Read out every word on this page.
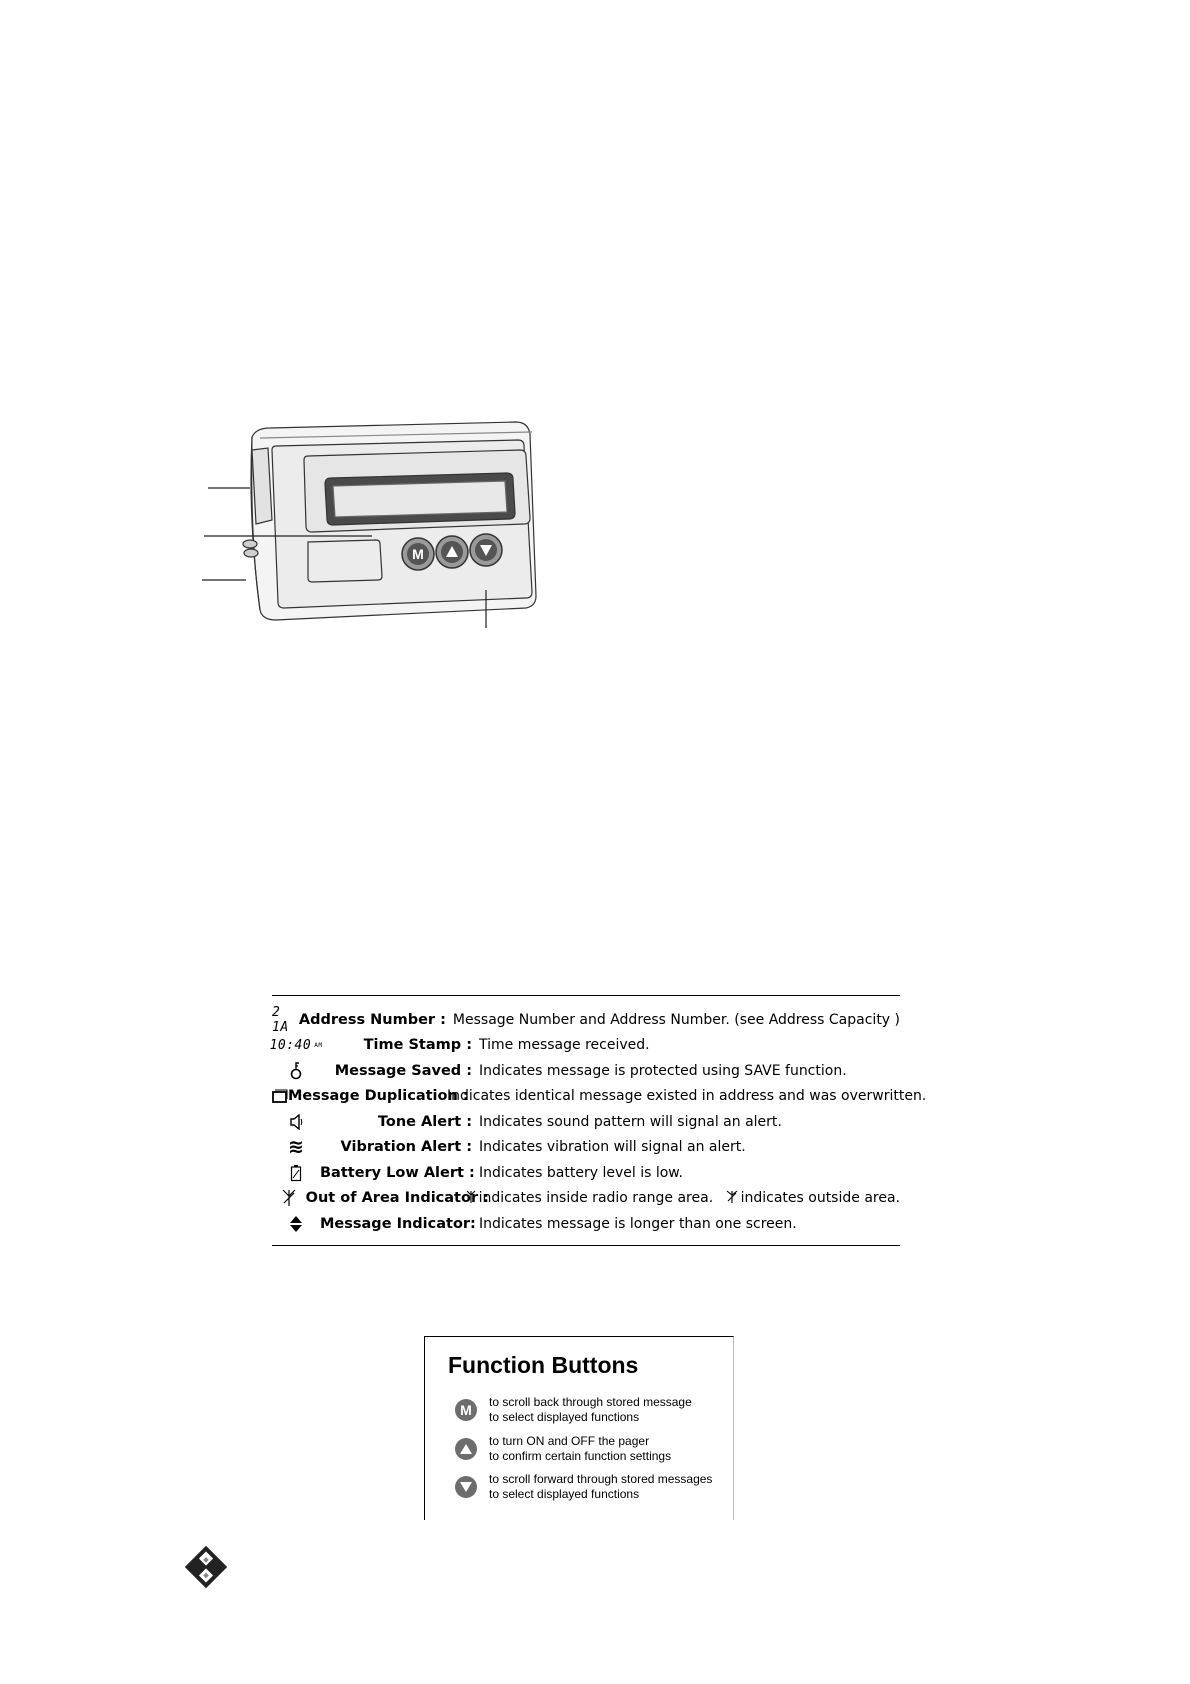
M
2 1A Address Number : Message Number and Address Number. (see Address Capacity )
10:40 AM	Time Stamp : Time message received.
Message Saved : Indicates message is protected using SAVE function.
Message Duplication :
Indicates identical message existed in address and was overwritten.
Tone Alert : Indicates sound pattern will signal an alert.
≋	Vibration Alert : Indicates vibration will signal an alert.
Battery Low Alert : Indicates battery level is low.
Out of Area Indicator :
indicates inside radio range area. indicates outside area.
Message Indicator: Indicates message is longer than one screen.
Function Buttons
M to scroll back through stored message
to select displayed functions
to turn ON and OFF the pager
to confirm certain function settings
to scroll forward through stored messages
to select displayed functions
